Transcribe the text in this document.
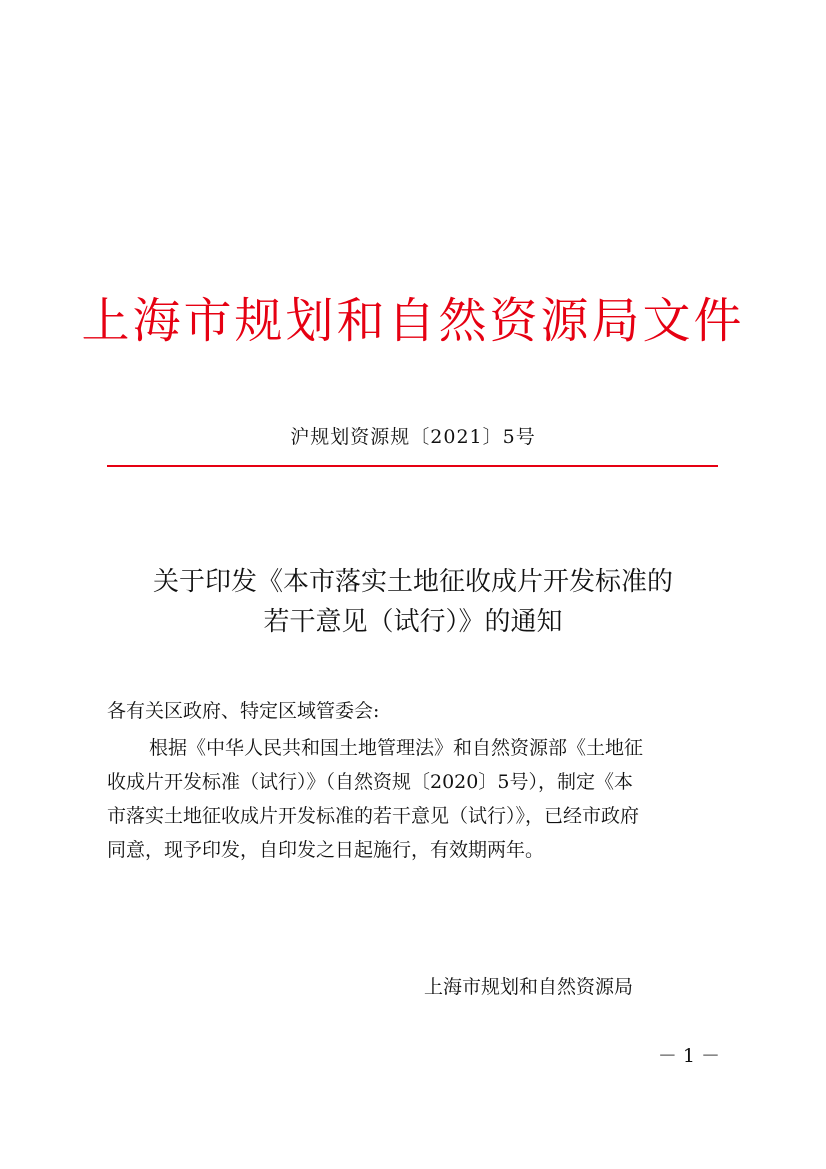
上海市规划和自然资源局文件
沪规划资源规〔2021〕5号
关于印发《本市落实土地征收成片开发标准的
若干意见（试行）》的通知
各有关区政府、特定区域管委会:
根据《中华人民共和国土地管理法》和自然资源部《土地征
收成片开发标准（试行）》（自然资规〔2020〕5号），制定《本
市落实土地征收成片开发标准的若干意见（试行）》，已经市政府
同意，现予印发，自印发之日起施行，有效期两年。
上海市规划和自然资源局
－ 1 －
